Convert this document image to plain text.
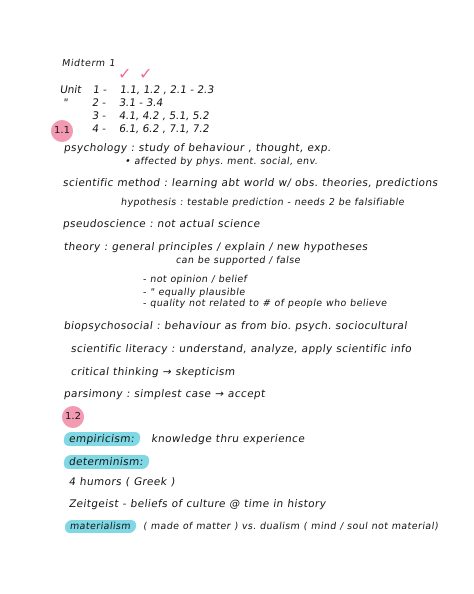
Midterm 1
✓ ✓
Unit 1 - 1.1, 1.2 , 2.1 - 2.3
" 2 - 3.1 - 3.4
3 - 4.1, 4.2 , 5.1, 5.2
4 - 6.1, 6.2 , 7.1, 7.2
1.1
psychology : study of behaviour , thought, exp.
• affected by phys. ment. social, env.
scientific method : learning abt world w/ obs. theories, predictions
hypothesis : testable prediction - needs 2 be falsifiable
pseudoscience : not actual science
theory : general principles / explain / new hypotheses
can be supported / false
- not opinion / belief
- " equally plausible
- quality not related to # of people who believe
biopsychosocial : behaviour as from bio. psych. sociocultural
scientific literacy : understand, analyze, apply scientific info
critical thinking → skepticism
parsimony : simplest case → accept
1.2
empiricism: knowledge thru experience
determinism:
4 humors ( Greek )
Zeitgeist - beliefs of culture @ time in history
materialism ( made of matter ) vs. dualism ( mind / soul not material)
